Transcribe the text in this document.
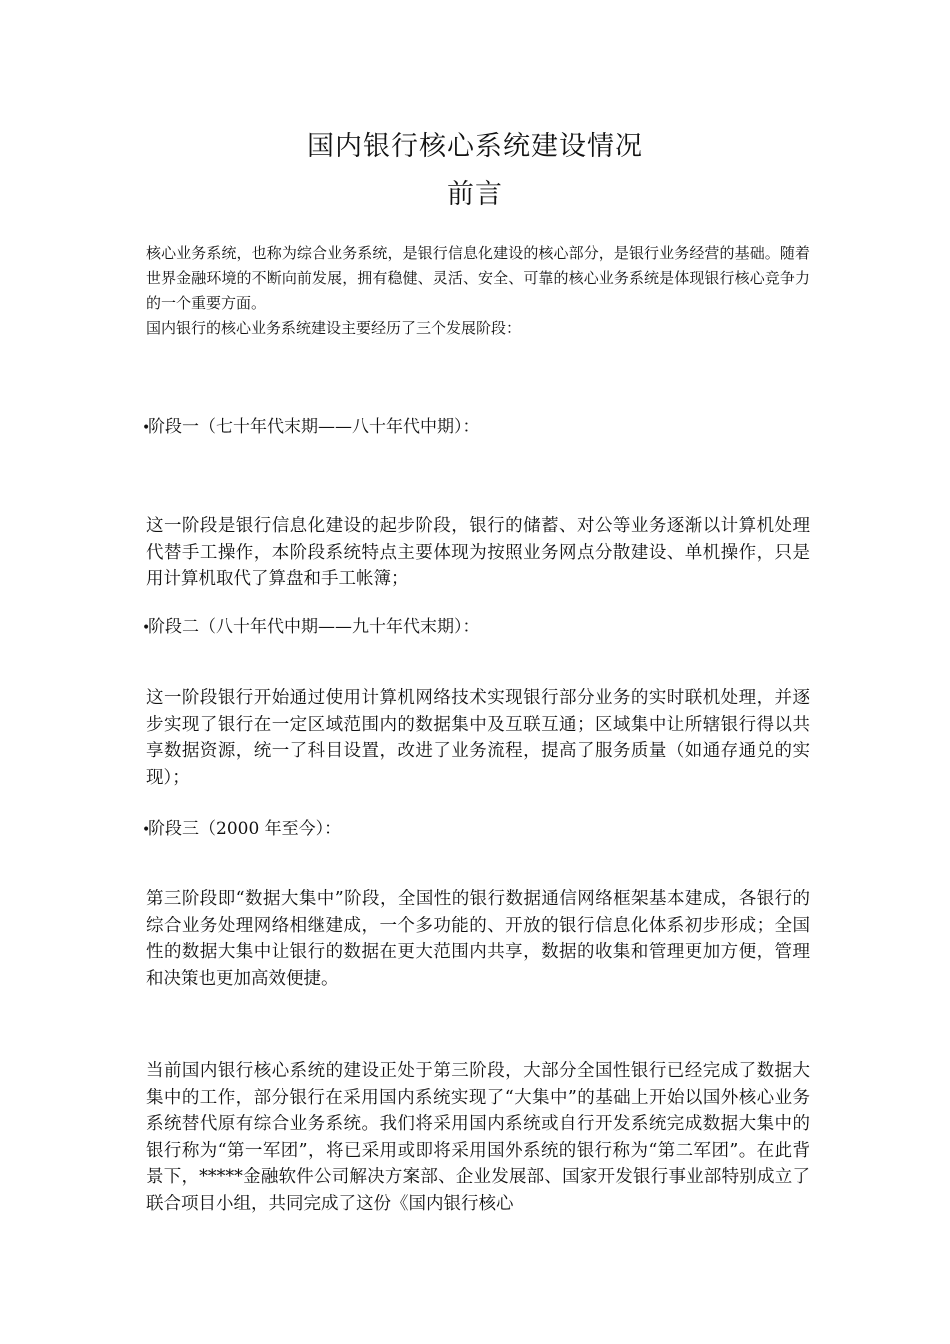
国内银行核心系统建设情况
前言

核心业务系统，也称为综合业务系统，是银行信息化建设的核心部分，是银行业务经营的基础。随着世界金融环境的不断向前发展，拥有稳健、灵活、安全、可靠的核心业务系统是体现银行核心竞争力的一个重要方面。

国内银行的核心业务系统建设主要经历了三个发展阶段：

•阶段一（七十年代末期——八十年代中期）：

这一阶段是银行信息化建设的起步阶段，银行的储蓄、对公等业务逐渐以计算机处理代替手工操作，本阶段系统特点主要体现为按照业务网点分散建设、单机操作，只是用计算机取代了算盘和手工帐簿；

•阶段二（八十年代中期——九十年代末期）：

这一阶段银行开始通过使用计算机网络技术实现银行部分业务的实时联机处理，并逐步实现了银行在一定区域范围内的数据集中及互联互通；区域集中让所辖银行得以共享数据资源，统一了科目设置，改进了业务流程，提高了服务质量（如通存通兑的实现）；

•阶段三（2000 年至今）：

第三阶段即“数据大集中”阶段，全国性的银行数据通信网络框架基本建成，各银行的综合业务处理网络相继建成，一个多功能的、开放的银行信息化体系初步形成；全国性的数据大集中让银行的数据在更大范围内共享，数据的收集和管理更加方便，管理和决策也更加高效便捷。

当前国内银行核心系统的建设正处于第三阶段，大部分全国性银行已经完成了数据大集中的工作，部分银行在采用国内系统实现了“大集中”的基础上开始以国外核心业务系统替代原有综合业务系统。我们将采用国内系统或自行开发系统完成数据大集中的银行称为“第一军团”，将已采用或即将采用国外系统的银行称为“第二军团”。在此背景下，*****金融软件公司解决方案部、企业发展部、国家开发银行事业部特别成立了联合项目小组，共同完成了这份《国内银行核心
